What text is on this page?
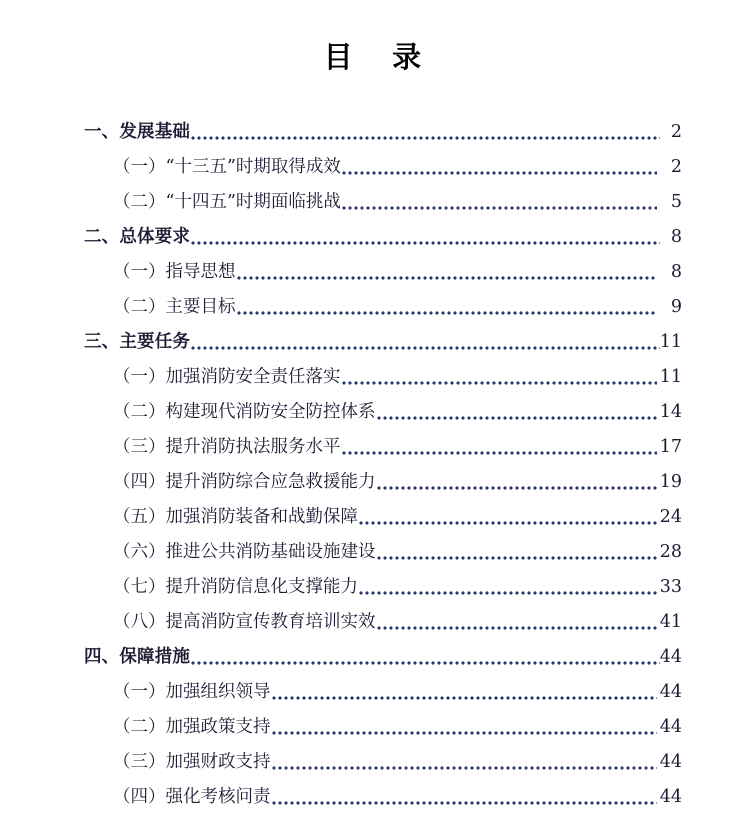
目　录
一、发展基础	2
（一）“十三五”时期取得成效	2
（二）“十四五”时期面临挑战	5
二、总体要求	8
（一）指导思想	8
（二）主要目标	9
三、主要任务	11
（一）加强消防安全责任落实	11
（二）构建现代消防安全防控体系	14
（三）提升消防执法服务水平	17
（四）提升消防综合应急救援能力	19
（五）加强消防装备和战勤保障	24
（六）推进公共消防基础设施建设	28
（七）提升消防信息化支撑能力	33
（八）提高消防宣传教育培训实效	41
四、保障措施	44
（一）加强组织领导	44
（二）加强政策支持	44
（三）加强财政支持	44
（四）强化考核问责	44
